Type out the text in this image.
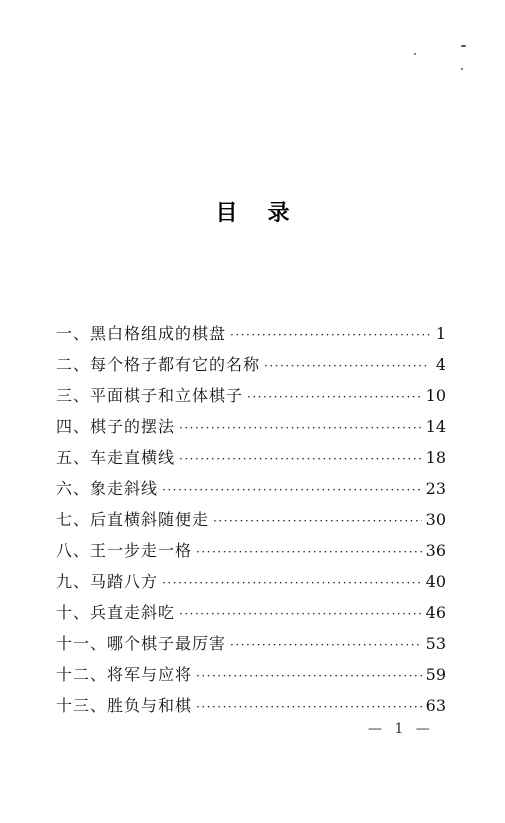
目录
一、黑白格组成的棋盘 ·····	1
二、每个格子都有它的名称 ·····	4
三、平面棋子和立体棋子 ·····	10
四、棋子的摆法 ·····	14
五、车走直横线 ·····	18
六、象走斜线 ·····	23
七、后直横斜随便走 ·····	30
八、王一步走一格 ·····	36
九、马踏八方 ·····	40
十、兵直走斜吃 ·····	46
十一、哪个棋子最厉害 ·····	53
十二、将军与应将 ·····	59
十三、胜负与和棋 ·····	63
— 1 —
